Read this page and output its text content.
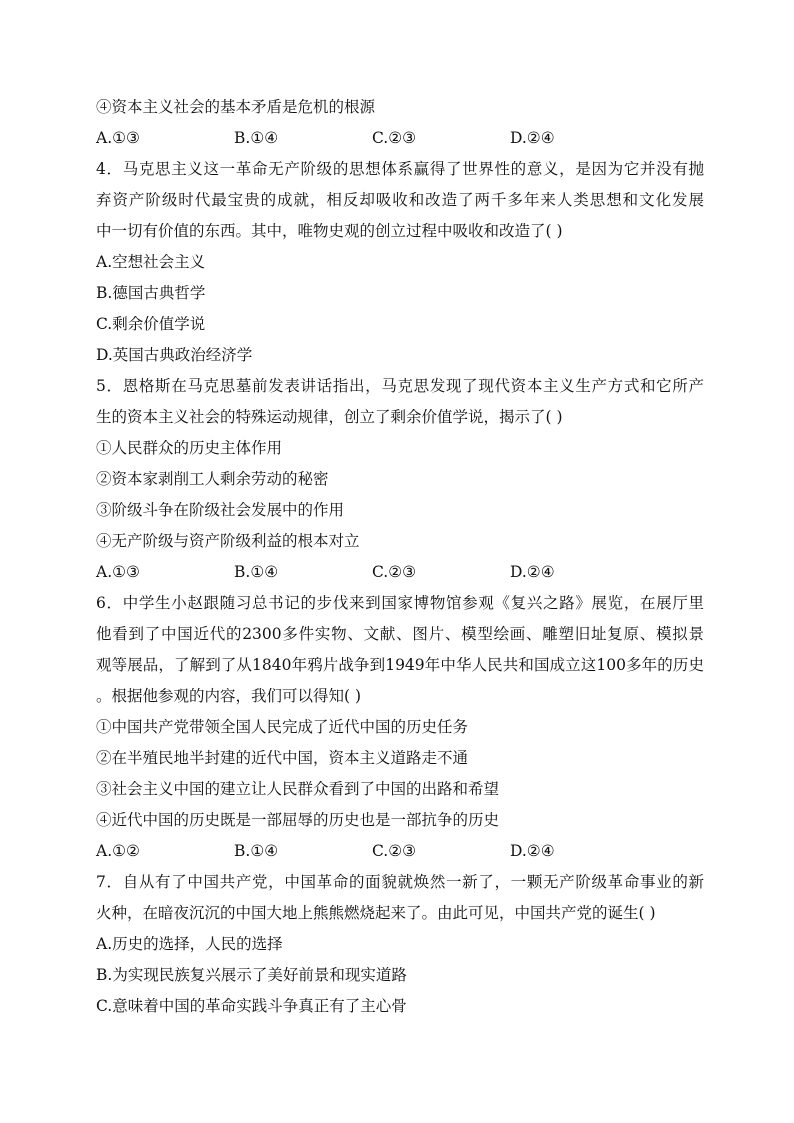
④资本主义社会的基本矛盾是危机的根源
A.①③	B.①④	C.②③	D.②④
4．马克思主义这一革命无产阶级的思想体系赢得了世界性的意义，是因为它并没有抛
弃资产阶级时代最宝贵的成就，相反却吸收和改造了两千多年来人类思想和文化发展
中一切有价值的东西。其中，唯物史观的创立过程中吸收和改造了( )
A.空想社会主义
B.德国古典哲学
C.剩余价值学说
D.英国古典政治经济学
5．恩格斯在马克思墓前发表讲话指出，马克思发现了现代资本主义生产方式和它所产
生的资本主义社会的特殊运动规律，创立了剩余价值学说，揭示了( )
①人民群众的历史主体作用
②资本家剥削工人剩余劳动的秘密
③阶级斗争在阶级社会发展中的作用
④无产阶级与资产阶级利益的根本对立
A.①③	B.①④	C.②③	D.②④
6．中学生小赵跟随习总书记的步伐来到国家博物馆参观《复兴之路》展览，在展厅里
他看到了中国近代的2300多件实物、文献、图片、模型绘画、雕塑旧址复原、模拟景
观等展品，了解到了从1840年鸦片战争到1949年中华人民共和国成立这100多年的历史
。根据他参观的内容，我们可以得知( )
①中国共产党带领全国人民完成了近代中国的历史任务
②在半殖民地半封建的近代中国，资本主义道路走不通
③社会主义中国的建立让人民群众看到了中国的出路和希望
④近代中国的历史既是一部屈辱的历史也是一部抗争的历史
A.①②	B.①④	C.②③	D.②④
7．自从有了中国共产党，中国革命的面貌就焕然一新了，一颗无产阶级革命事业的新
火种，在暗夜沉沉的中国大地上熊熊燃烧起来了。由此可见，中国共产党的诞生( )
A.历史的选择，人民的选择
B.为实现民族复兴展示了美好前景和现实道路
C.意味着中国的革命实践斗争真正有了主心骨
